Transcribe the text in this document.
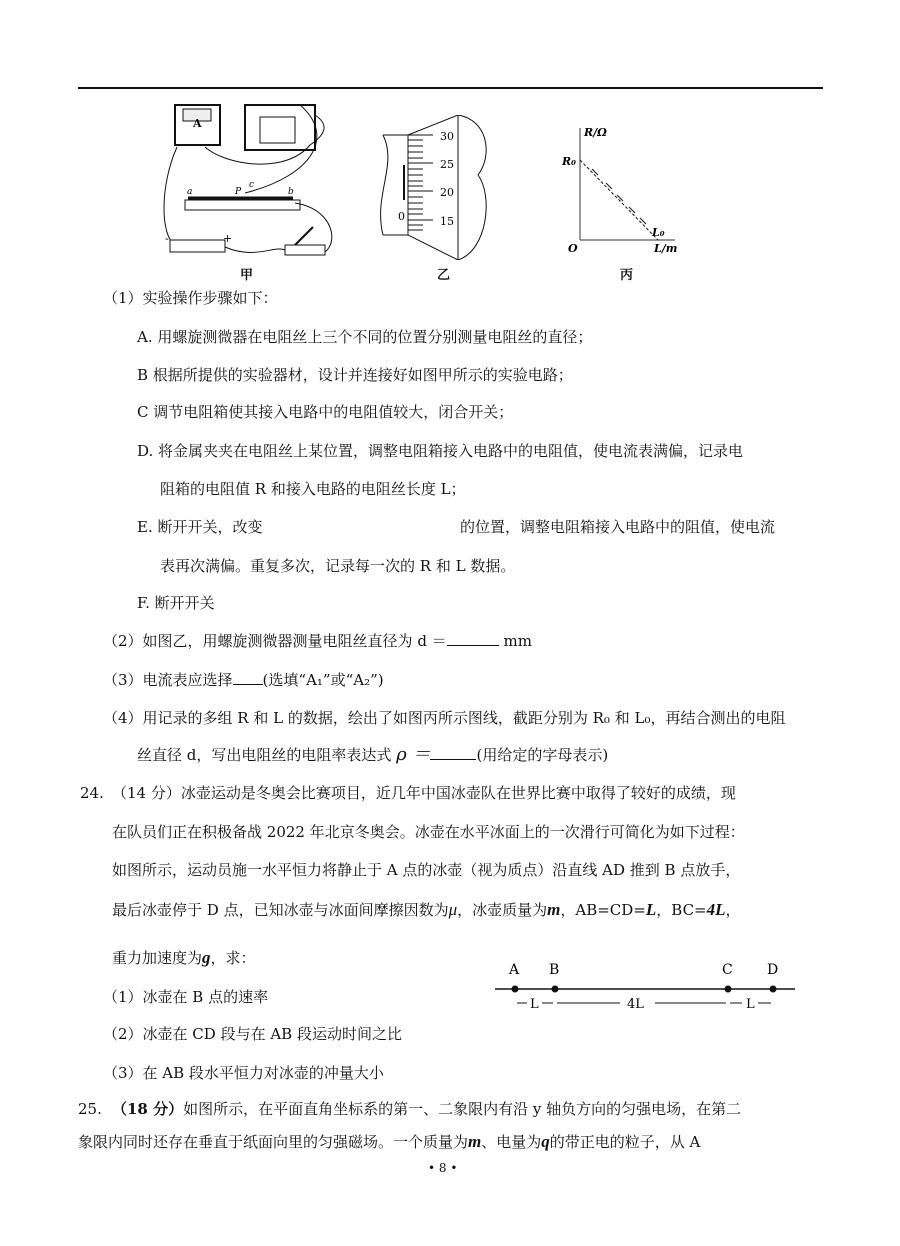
A
a	P
c
b
-	+
甲
30
25
20
15
0
乙
R/Ω
R₀
O
L₀
L/m
丙
（1）实验操作步骤如下：
A. 用螺旋测微器在电阻丝上三个不同的位置分别测量电阻丝的直径；
B 根据所提供的实验器材，设计并连接好如图甲所示的实验电路；
C 调节电阻箱使其接入电路中的电阻值较大，闭合开关；
D. 将金属夹夹在电阻丝上某位置，调整电阻箱接入电路中的电阻值，使电流表满偏，记录电
阻箱的电阻值 R 和接入电路的电阻丝长度 L；
E. 断开开关，改变	的位置，调整电阻箱接入电路中的阻值，使电流
表再次满偏。重复多次，记录每一次的 R 和 L 数据。
F. 断开开关
（2）如图乙，用螺旋测微器测量电阻丝直径为 d ＝	mm
（3）电流表应选择 (选填“A₁”或“A₂”)
（4）用记录的多组 R 和 L 的数据，绘出了如图丙所示图线，截距分别为 R₀ 和 L₀，再结合测出的电阻
丝直径 d，写出电阻丝的电阻率表达式 ρ ＝	(用给定的字母表示)
24. （14 分）冰壶运动是冬奥会比赛项目，近几年中国冰壶队在世界比赛中取得了较好的成绩，现
在队员们正在积极备战 2022 年北京冬奥会。冰壶在水平冰面上的一次滑行可简化为如下过程：
如图所示，运动员施一水平恒力将静止于 A 点的冰壶（视为质点）沿直线 AD 推到 B 点放手，
最后冰壶停于 D 点，已知冰壶与冰面间摩擦因数为μ，冰壶质量为m，AB=CD=L，BC=4L，
重力加速度为g，求：
（1）冰壶在 B 点的速率
（2）冰壶在 CD 段与在 AB 段运动时间之比
（3）在 AB 段水平恒力对冰壶的冲量大小
A B	C D
L	4L	L
25. （18 分）如图所示，在平面直角坐标系的第一、二象限内有沿 y 轴负方向的匀强电场，在第二
象限内同时还存在垂直于纸面向里的匀强磁场。一个质量为m、电量为q的带正电的粒子，从 A
• 8 •
